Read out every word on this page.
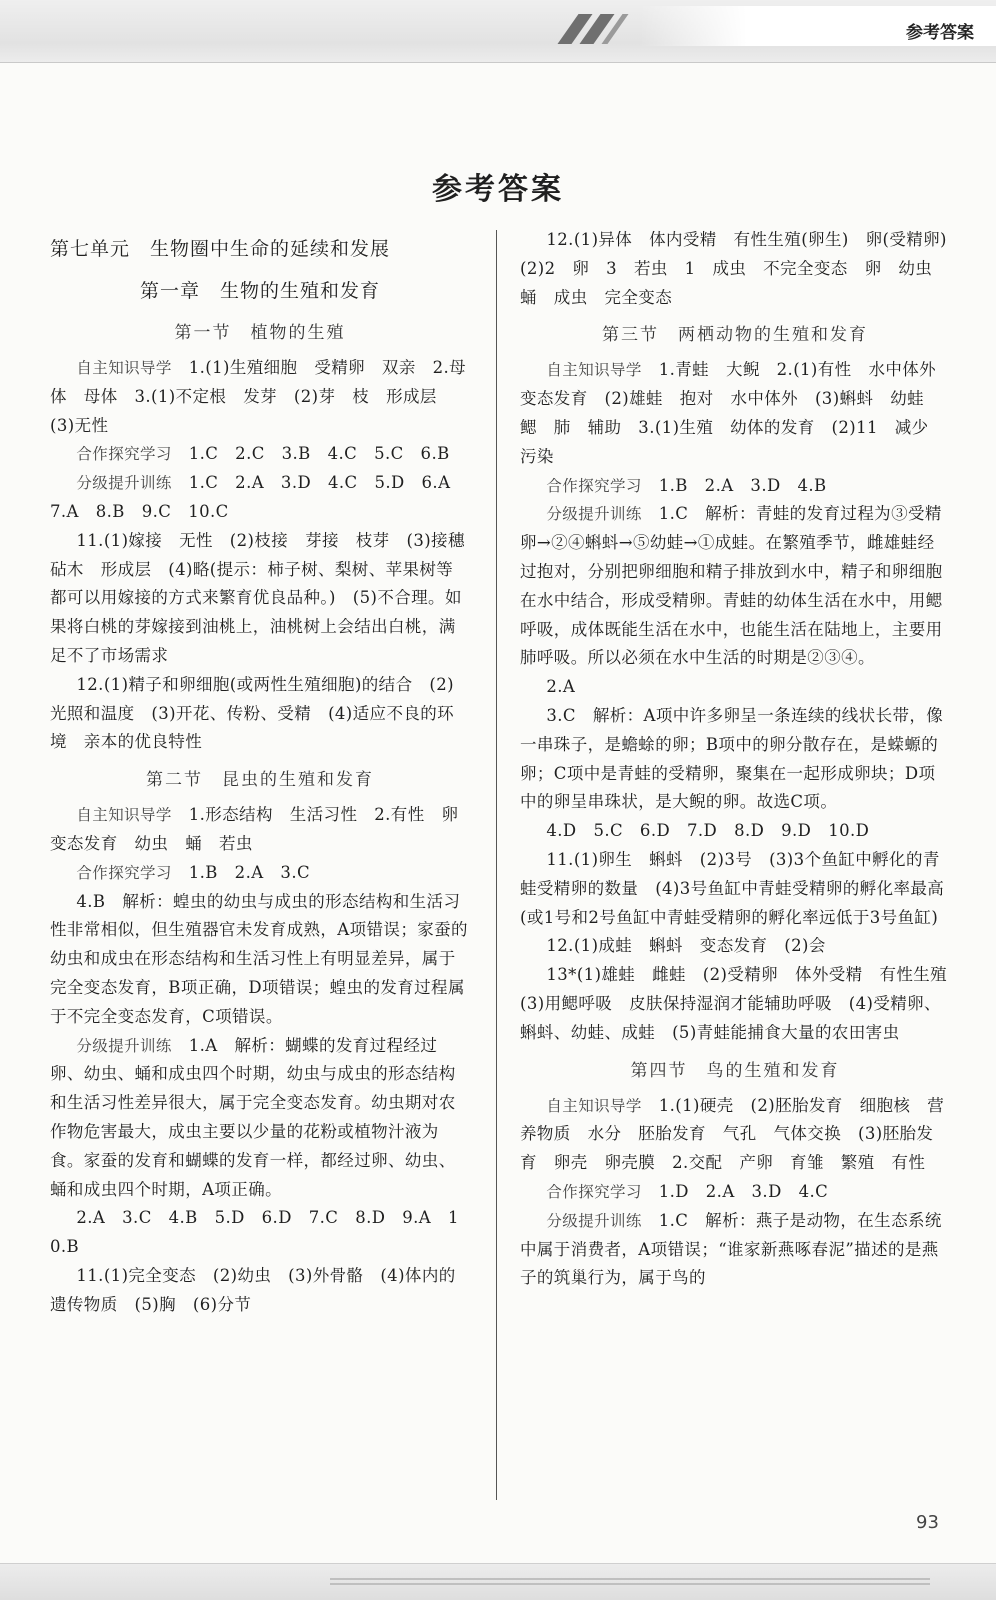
参考答案
参考答案
第七单元　生物圈中生命的延续和发展
第一章　生物的生殖和发育
第一节　植物的生殖

自主知识导学　 1.(1)生殖细胞　受精卵　双亲　2.母体　母体　3.(1)不定根　发芽　(2)芽　枝　形成层　(3)无性

合作探究学习　 1.C　2.C　3.B　4.C　5.C　6.B

分级提升训练　 1.C　2.A　3.D　4.C　5.D　6.A　7.A　8.B　9.C　10.C

11.(1)嫁接　无性　(2)枝接　芽接　枝芽　(3)接穗　砧木　形成层　(4)略(提示：柿子树、梨树、苹果树等都可以用嫁接的方式来繁育优良品种。)　(5)不合理。如果将白桃的芽嫁接到油桃上，油桃树上会结出白桃，满足不了市场需求

12.(1)精子和卵细胞(或两性生殖细胞)的结合　(2)光照和温度　(3)开花、传粉、受精　(4)适应不良的环境　亲本的优良特性

第二节　昆虫的生殖和发育

自主知识导学　 1.形态结构　生活习性　2.有性　卵　变态发育　幼虫　蛹　若虫

合作探究学习　 1.B　2.A　3.C

4.B　解析：蝗虫的幼虫与成虫的形态结构和生活习性非常相似，但生殖器官未发育成熟，A项错误；家蚕的幼虫和成虫在形态结构和生活习性上有明显差异，属于完全变态发育，B项正确，D项错误；蝗虫的发育过程属于不完全变态发育，C项错误。

分级提升训练　 1.A　解析：蝴蝶的发育过程经过卵、幼虫、蛹和成虫四个时期，幼虫与成虫的形态结构和生活习性差异很大，属于完全变态发育。幼虫期对农作物危害最大，成虫主要以少量的花粉或植物汁液为食。家蚕的发育和蝴蝶的发育一样，都经过卵、幼虫、蛹和成虫四个时期，A项正确。

2.A　3.C　4.B　5.D　6.D　7.C　8.D　9.A　10.B

11.(1)完全变态　(2)幼虫　(3)外骨骼　(4)体内的遗传物质　(5)胸　(6)分节

12.(1)异体　体内受精　有性生殖(卵生)　卵(受精卵)　(2)2　卵　3　若虫　1　成虫　不完全变态　卵　幼虫　蛹　成虫　完全变态

第三节　两栖动物的生殖和发育

自主知识导学　 1.青蛙　大鲵　2.(1)有性　水中体外　变态发育　(2)雄蛙　抱对　水中体外　(3)蝌蚪　幼蛙　鳃　肺　辅助　3.(1)生殖　幼体的发育　(2)11　减少　污染

合作探究学习　 1.B　2.A　3.D　4.B

分级提升训练　 1.C　解析：青蛙的发育过程为③受精卵→②④蝌蚪→⑤幼蛙→①成蛙。在繁殖季节，雌雄蛙经过抱对，分别把卵细胞和精子排放到水中，精子和卵细胞在水中结合，形成受精卵。青蛙的幼体生活在水中，用鳃呼吸，成体既能生活在水中，也能生活在陆地上，主要用肺呼吸。所以必须在水中生活的时期是②③④。

2.A

3.C　解析：A项中许多卵呈一条连续的线状长带，像一串珠子，是蟾蜍的卵；B项中的卵分散存在，是蝾螈的卵；C项中是青蛙的受精卵，聚集在一起形成卵块；D项中的卵呈串珠状，是大鲵的卵。故选C项。

4.D　5.C　6.D　7.D　8.D　9.D　10.D

11.(1)卵生　蝌蚪　(2)3号　(3)3个鱼缸中孵化的青蛙受精卵的数量　(4)3号鱼缸中青蛙受精卵的孵化率最高(或1号和2号鱼缸中青蛙受精卵的孵化率远低于3号鱼缸)

12.(1)成蛙　蝌蚪　变态发育　(2)会

13*(1)雄蛙　雌蛙　(2)受精卵　体外受精　有性生殖　(3)用鳃呼吸　皮肤保持湿润才能辅助呼吸　(4)受精卵、蝌蚪、幼蛙、成蛙　(5)青蛙能捕食大量的农田害虫

第四节　鸟的生殖和发育

自主知识导学　 1.(1)硬壳　(2)胚胎发育　细胞核　营养物质　水分　胚胎发育　气孔　气体交换　(3)胚胎发育　卵壳　卵壳膜　2.交配　产卵　育雏　繁殖　有性

合作探究学习　 1.D　2.A　3.D　4.C

分级提升训练　 1.C　解析：燕子是动物，在生态系统中属于消费者，A项错误；“谁家新燕啄春泥”描述的是燕子的筑巢行为，属于鸟的

93
